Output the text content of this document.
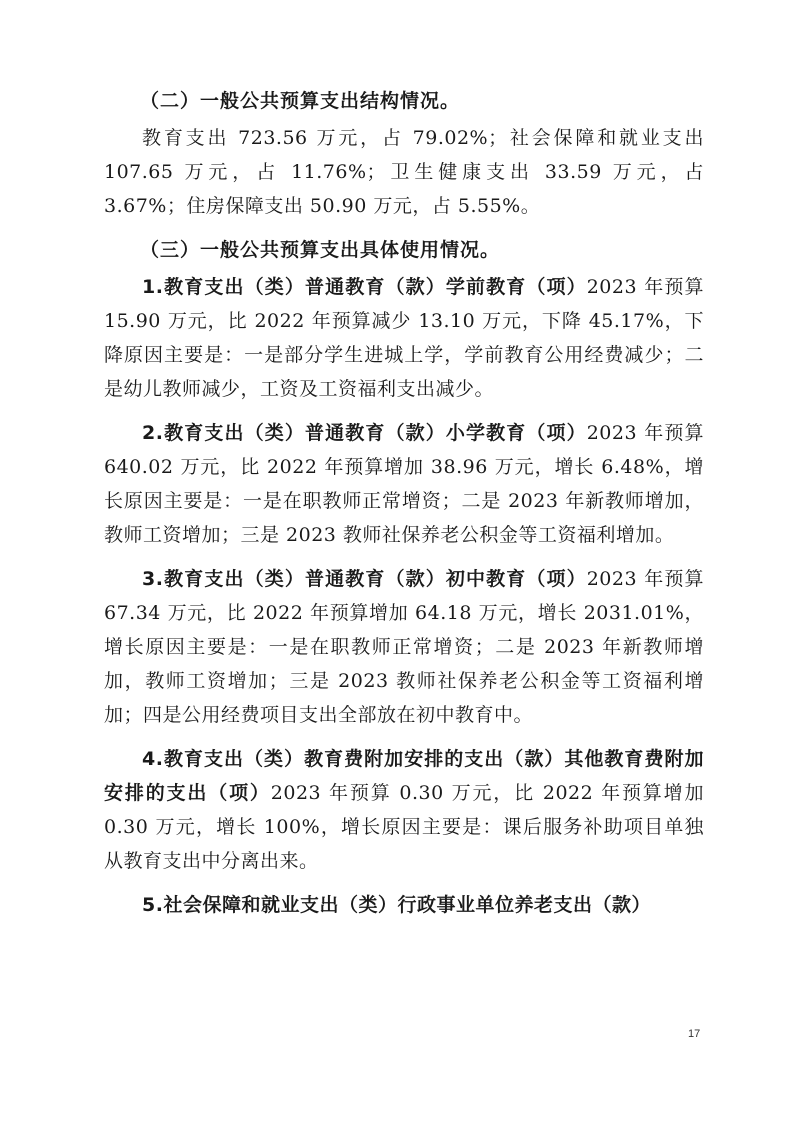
（二）一般公共预算支出结构情况。

教育支出 723.56 万元，占 79.02%；社会保障和就业支出 107.65 万元，占 11.76%；卫生健康支出 33.59 万元，占 3.67%；住房保障支出 50.90 万元，占 5.55%。

（三）一般公共预算支出具体使用情况。

1.教育支出（类）普通教育（款）学前教育（项）2023 年预算 15.90 万元，比 2022 年预算减少 13.10 万元，下降 45.17%，下降原因主要是：一是部分学生进城上学，学前教育公用经费减少；二是幼儿教师减少，工资及工资福利支出减少。

2.教育支出（类）普通教育（款）小学教育（项）2023 年预算 640.02 万元，比 2022 年预算增加 38.96 万元，增长 6.48%，增长原因主要是：一是在职教师正常增资；二是 2023 年新教师增加，教师工资增加；三是 2023 教师社保养老公积金等工资福利增加。

3.教育支出（类）普通教育（款）初中教育（项）2023 年预算 67.34 万元，比 2022 年预算增加 64.18 万元，增长 2031.01%，增长原因主要是：一是在职教师正常增资；二是 2023 年新教师增加，教师工资增加；三是 2023 教师社保养老公积金等工资福利增加；四是公用经费项目支出全部放在初中教育中。

4.教育支出（类）教育费附加安排的支出（款）其他教育费附加安排的支出（项）2023 年预算 0.30 万元，比 2022 年预算增加 0.30 万元，增长 100%，增长原因主要是：课后服务补助项目单独从教育支出中分离出来。

5.社会保障和就业支出（类）行政事业单位养老支出（款）

17
